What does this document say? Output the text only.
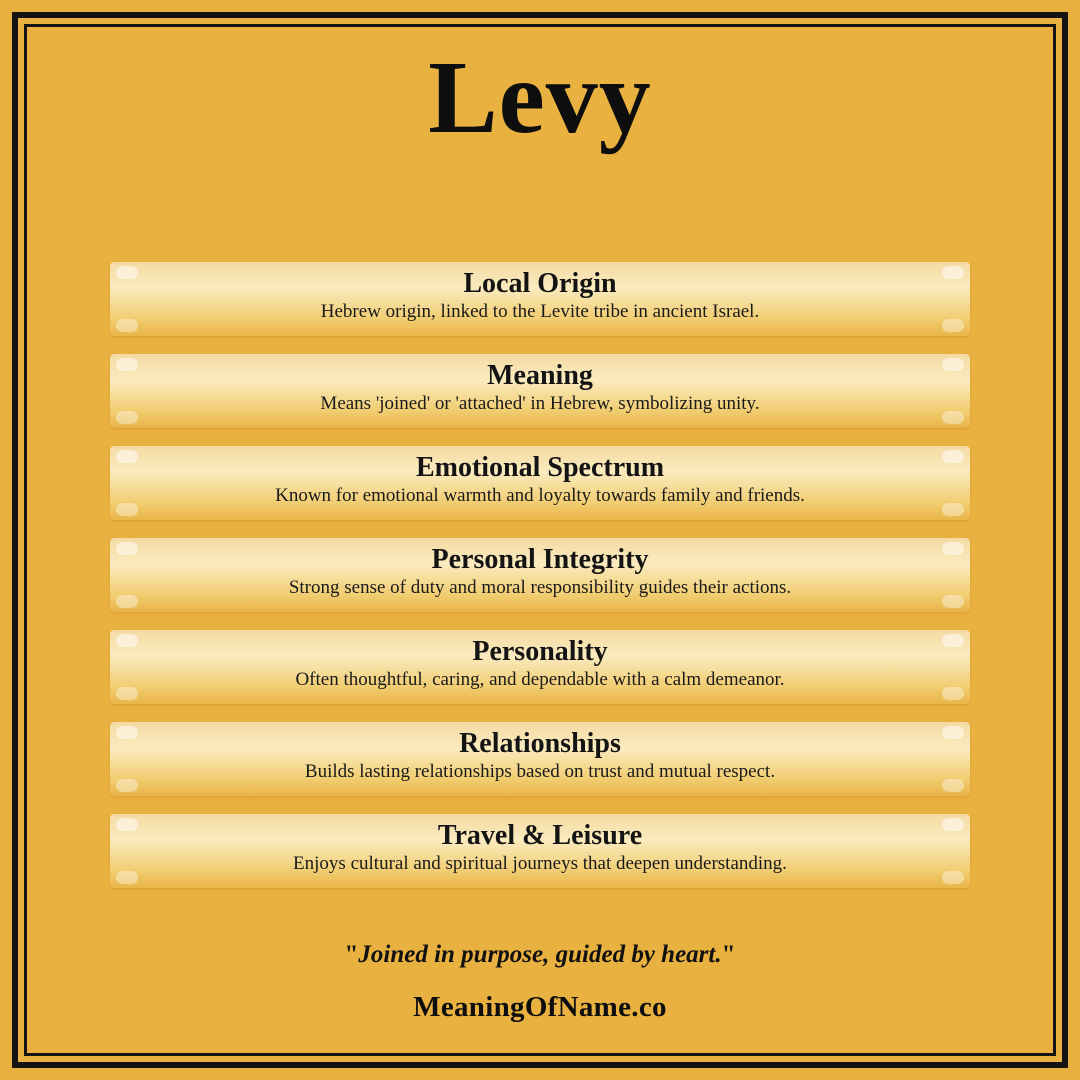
Levy

Local Origin

Hebrew origin, linked to the Levite tribe in ancient Israel.

Meaning

Means 'joined' or 'attached' in Hebrew, symbolizing unity.

Emotional Spectrum

Known for emotional warmth and loyalty towards family and friends.

Personal Integrity

Strong sense of duty and moral responsibility guides their actions.

Personality

Often thoughtful, caring, and dependable with a calm demeanor.

Relationships

Builds lasting relationships based on trust and mutual respect.

Travel & Leisure

Enjoys cultural and spiritual journeys that deepen understanding.

"Joined in purpose, guided by heart."

MeaningOfName.co
